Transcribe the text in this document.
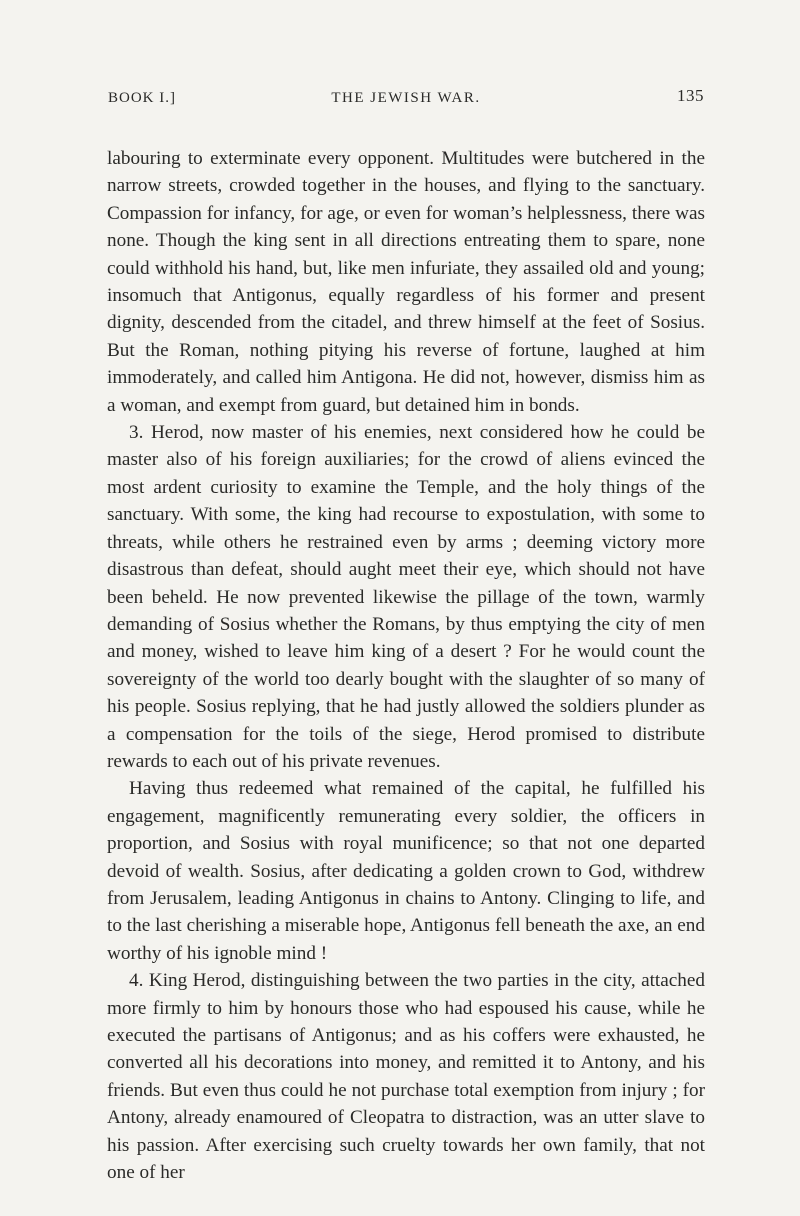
BOOK I.]	THE JEWISH WAR.	135

labouring to exterminate every opponent. Multitudes were butchered in the narrow streets, crowded together in the houses, and flying to the sanctuary. Compassion for infancy, for age, or even for woman’s helplessness, there was none. Though the king sent in all directions entreating them to spare, none could withhold his hand, but, like men infuriate, they assailed old and young; insomuch that Antigonus, equally regardless of his former and present dignity, descended from the citadel, and threw himself at the feet of Sosius. But the Roman, nothing pitying his reverse of fortune, laughed at him immoderately, and called him Antigona. He did not, however, dismiss him as a woman, and exempt from guard, but detained him in bonds.

3. Herod, now master of his enemies, next considered how he could be master also of his foreign auxiliaries; for the crowd of aliens evinced the most ardent curiosity to examine the Temple, and the holy things of the sanctuary. With some, the king had recourse to expostulation, with some to threats, while others he restrained even by arms ; deeming victory more disastrous than defeat, should aught meet their eye, which should not have been beheld. He now prevented likewise the pillage of the town, warmly demanding of Sosius whether the Romans, by thus emptying the city of men and money, wished to leave him king of a desert ? For he would count the sovereignty of the world too dearly bought with the slaughter of so many of his people. Sosius replying, that he had justly allowed the soldiers plunder as a compensation for the toils of the siege, Herod promised to distribute rewards to each out of his private revenues.

Having thus redeemed what remained of the capital, he fulfilled his engagement, magnificently remunerating every soldier, the officers in proportion, and Sosius with royal munificence; so that not one departed devoid of wealth. Sosius, after dedicating a golden crown to God, withdrew from Jerusalem, leading Antigonus in chains to Antony. Clinging to life, and to the last cherishing a miserable hope, Antigonus fell beneath the axe, an end worthy of his ignoble mind !

4. King Herod, distinguishing between the two parties in the city, attached more firmly to him by honours those who had espoused his cause, while he executed the partisans of Antigonus; and as his coffers were exhausted, he converted all his decorations into money, and remitted it to Antony, and his friends. But even thus could he not purchase total exemption from injury ; for Antony, already enamoured of Cleopatra to distraction, was an utter slave to his passion. After exercising such cruelty towards her own family, that not one of her
